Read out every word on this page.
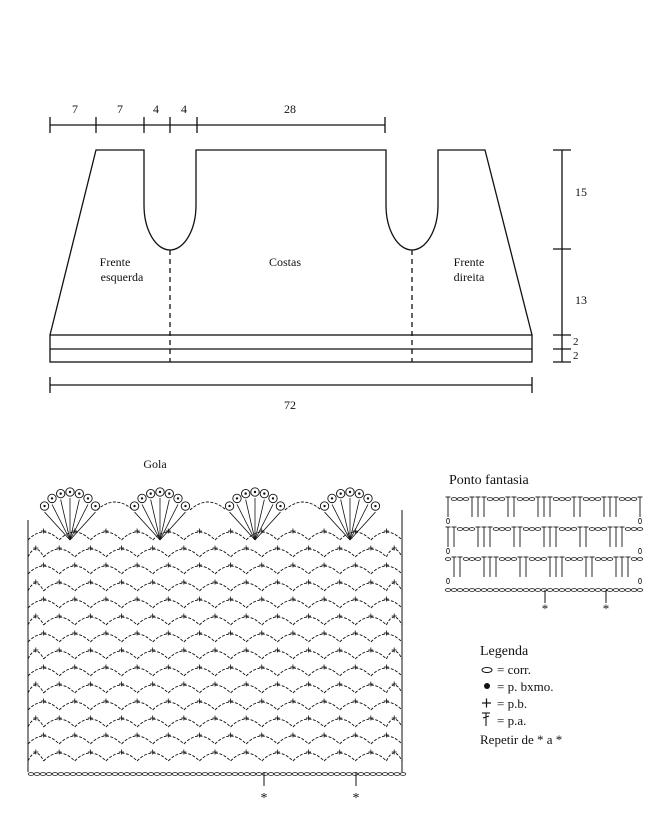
7	7	4 4	28
Frente
esquerda
Costas	Frente
direita
15
13
2
2
72
Gola
*	*
Ponto fantasia
*	*
Legenda
= corr.
= p. bxmo.
= p.b.
= p.a.
Repetir de * a *
